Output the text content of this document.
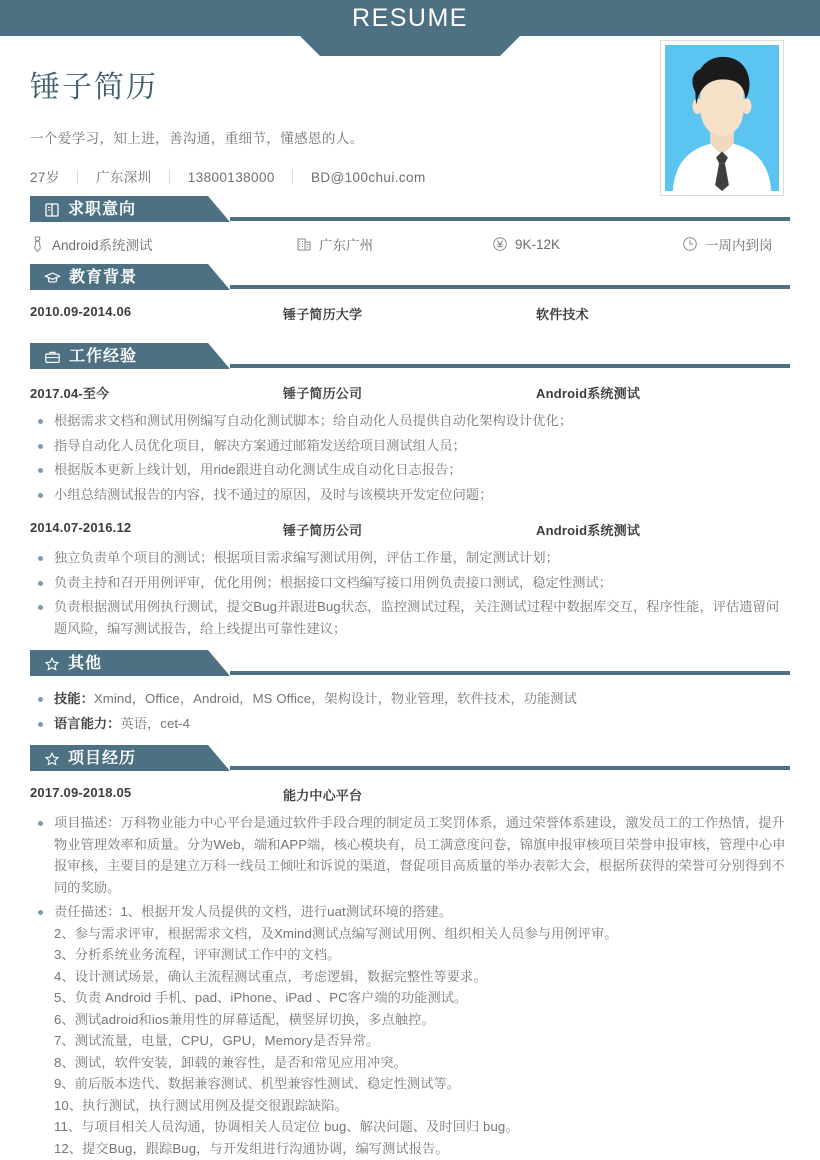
RESUME
锤子简历
一个爱学习，知上进，善沟通，重细节，懂感恩的人。
27岁 ｜ 广东深圳 ｜ 13800138000 ｜ BD@100chui.com
求职意向
Android系统测试	广东广州	9K-12K	一周内到岗
教育背景
2010.09-2014.06	锤子简历大学	软件技术
工作经验
2017.04-至今	锤子简历公司	Android系统测试
根据需求文档和测试用例编写自动化测试脚本；给自动化人员提供自动化架构设计优化；
指导自动化人员优化项目，解决方案通过邮箱发送给项目测试组人员；
根据版本更新上线计划，用ride跟进自动化测试生成自动化日志报告；
小组总结测试报告的内容，找不通过的原因，及时与该模块开发定位问题；
2014.07-2016.12	锤子简历公司	Android系统测试
独立负责单个项目的测试；根据项目需求编写测试用例，评估工作量，制定测试计划；
负责主持和召开用例评审，优化用例；根据接口文档编写接口用例负责接口测试，稳定性测试；
负责根据测试用例执行测试，提交Bug并跟进Bug状态，监控测试过程，关注测试过程中数据库交互，程序性能，评估遗留问题风险，编写测试报告，给上线提出可靠性建议；
其他
技能：Xmind，Office，Android，MS Office，架构设计，物业管理，软件技术，功能测试
语言能力：英语，cet-4
项目经历
2017.09-2018.05	能力中心平台
项目描述：万科物业能力中心平台是通过软件手段合理的制定员工奖罚体系，通过荣誉体系建设，激发员工的工作热情，提升物业管理效率和质量。分为Web，端和APP端，核心模块有，员工满意度问卷，锦旗申报审核项目荣誉申报审核，管理中心申报审核，主要目的是建立万科一线员工倾吐和诉说的渠道，督促项目高质量的举办表彰大会，根据所获得的荣誉可分别得到不同的奖励。
责任描述：1、根据开发人员提供的文档，进行uat测试环境的搭建。
2、参与需求评审，根据需求文档，及Xmind测试点编写测试用例、组织相关人员参与用例评审。
3、分析系统业务流程，评审测试工作中的文档。
4、设计测试场景，确认主流程测试重点，考虑逻辑，数据完整性等要求。
5、负责 Android 手机、pad、iPhone、iPad 、PC客户端的功能测试。
6、测试adroid和ios兼用性的屏幕适配，横竖屏切换，多点触控。
7、测试流量，电量，CPU，GPU，Memory是否异常。
8、测试，软件安装，卸载的兼容性，是否和常见应用冲突。
9、前后版本迭代、数据兼容测试、机型兼容性测试、稳定性测试等。
10、执行测试，执行测试用例及提交很跟踪缺陷。
11、与项目相关人员沟通，协调相关人员定位 bug、解决问题、及时回归 bug。
12、提交Bug，跟踪Bug，与开发组进行沟通协调，编写测试报告。
